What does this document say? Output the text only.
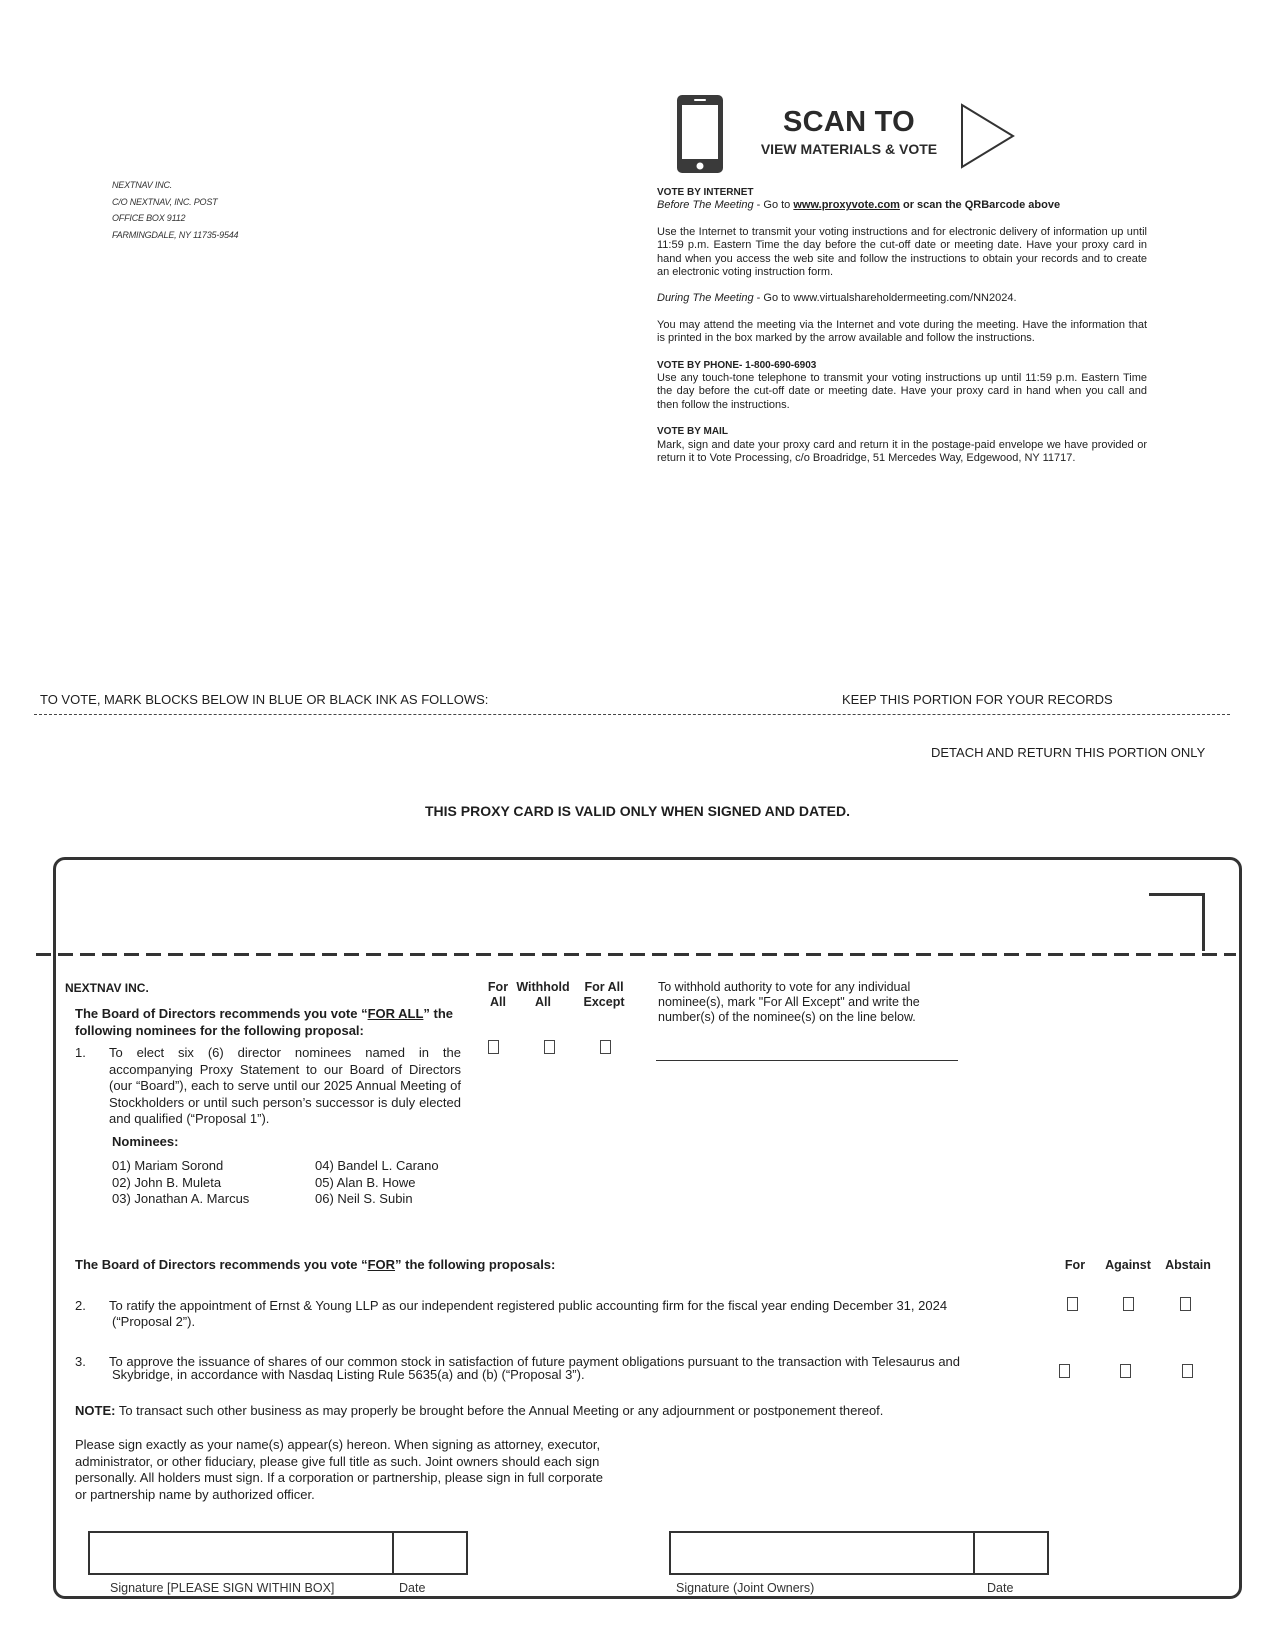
NEXTNAV INC.
C/O NEXTNAV, INC. POST
OFFICE BOX 9112
FARMINGDALE, NY 11735-9544
SCAN TO
VIEW MATERIALS & VOTE
VOTE BY INTERNET

Before The Meeting - Go to www.proxyvote.com or scan the QRBarcode above

Use the Internet to transmit your voting instructions and for electronic delivery of information up until 11:59 p.m. Eastern Time the day before the cut-off date or meeting date. Have your proxy card in hand when you access the web site and follow the instructions to obtain your records and to create an electronic voting instruction form.

During The Meeting - Go to www.virtualshareholdermeeting.com/NN2024.

You may attend the meeting via the Internet and vote during the meeting. Have the information that is printed in the box marked by the arrow available and follow the instructions.

VOTE BY PHONE- 1-800-690-6903

Use any touch-tone telephone to transmit your voting instructions up until 11:59 p.m. Eastern Time the day before the cut-off date or meeting date. Have your proxy card in hand when you call and then follow the instructions.

VOTE BY MAIL

Mark, sign and date your proxy card and return it in the postage-paid envelope we have provided or return it to Vote Processing, c/o Broadridge, 51 Mercedes Way, Edgewood, NY 11717.

TO VOTE, MARK BLOCKS BELOW IN BLUE OR BLACK INK AS FOLLOWS:	KEEP THIS PORTION FOR YOUR RECORDS
DETACH AND RETURN THIS PORTION ONLY
THIS PROXY CARD IS VALID ONLY WHEN SIGNED AND DATED.
NEXTNAV INC.
The Board of Directors recommends you vote “FOR ALL” the following nominees for the following proposal:
For All
Withhold All
For All Except
To withhold authority to vote for any individual nominee(s), mark "For All Except" and write the number(s) of the nominee(s) on the line below.
1. To elect six (6) director nominees named in the accompanying Proxy Statement to our Board of Directors (our “Board”), each to serve until our 2025 Annual Meeting of Stockholders or until such person’s successor is duly elected and qualified (“Proposal 1”).
Nominees:
01) Mariam Sorond
02) John B. Muleta
03) Jonathan A. Marcus
04) Bandel L. Carano
05) Alan B. Howe
06) Neil S. Subin
The Board of Directors recommends you vote “FOR” the following proposals:	For	Against	Abstain
2. To ratify the appointment of Ernst & Young LLP as our independent registered public accounting firm for the fiscal year ending December 31, 2024
(“Proposal 2”).
3. To approve the issuance of shares of our common stock in satisfaction of future payment obligations pursuant to the transaction with Telesaurus and
Skybridge, in accordance with Nasdaq Listing Rule 5635(a) and (b) (“Proposal 3”).
NOTE: To transact such other business as may properly be brought before the Annual Meeting or any adjournment or postponement thereof.
Please sign exactly as your name(s) appear(s) hereon. When signing as attorney, executor, administrator, or other fiduciary, please give full title as such. Joint owners should each sign personally. All holders must sign. If a corporation or partnership, please sign in full corporate or partnership name by authorized officer.
Signature [PLEASE SIGN WITHIN BOX]	Date	Signature (Joint Owners)	Date
